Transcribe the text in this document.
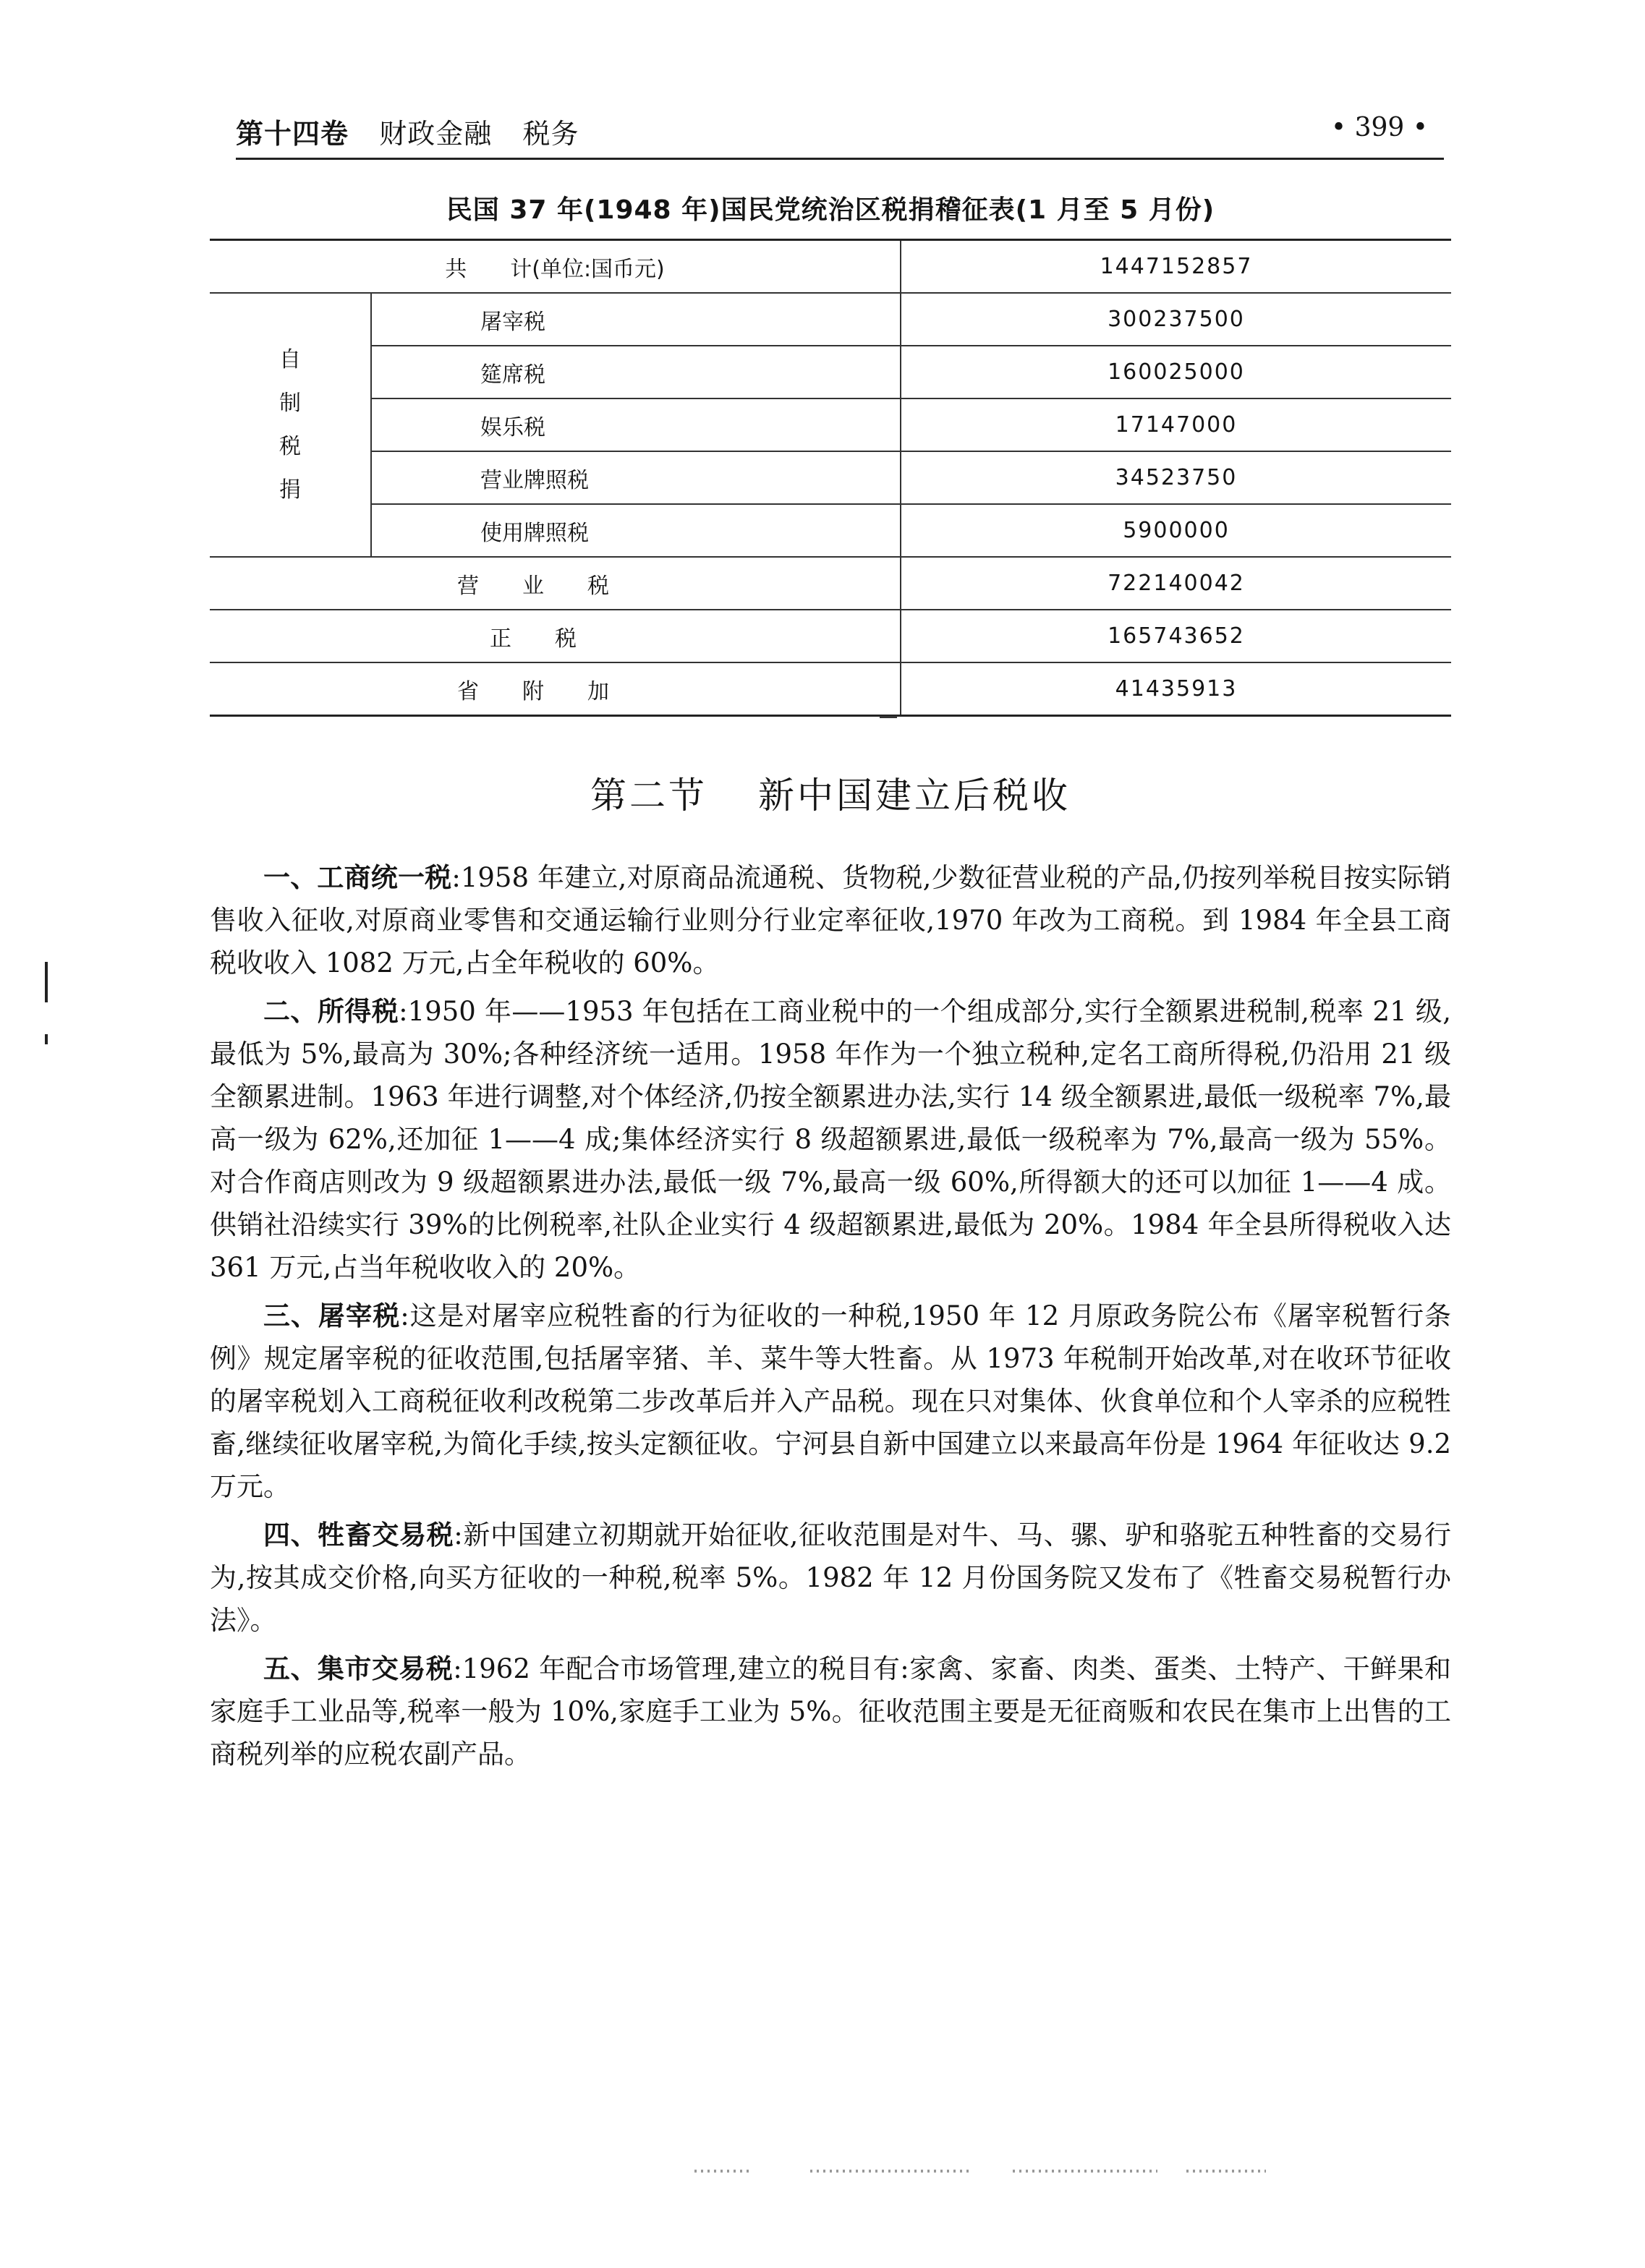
第十四卷 财政金融 税务	• 399 •
民国 37 年(1948 年)国民党统治区税捐稽征表(1 月至 5 月份)
共　　计(单位:国币元)		1447152857
自
制
税
捐	屠宰税	300237500
	筵席税	160025000
	娱乐税	17147000
	营业牌照税	34523750
	使用牌照税	5900000
营业税		722140042
正税		165743652
省附加		41435913
第二节 新中国建立后税收

一、工商统一税:1958 年建立,对原商品流通税、货物税,少数征营业税的产品,仍按列举税目按实际销售收入征收,对原商业零售和交通运输行业则分行业定率征收,1970 年改为工商税。到 1984 年全县工商税收收入 1082 万元,占全年税收的 60%。

二、所得税:1950 年——1953 年包括在工商业税中的一个组成部分,实行全额累进税制,税率 21 级,最低为 5%,最高为 30%;各种经济统一适用。1958 年作为一个独立税种,定名工商所得税,仍沿用 21 级全额累进制。1963 年进行调整,对个体经济,仍按全额累进办法,实行 14 级全额累进,最低一级税率 7%,最高一级为 62%,还加征 1——4 成;集体经济实行 8 级超额累进,最低一级税率为 7%,最高一级为 55%。对合作商店则改为 9 级超额累进办法,最低一级 7%,最高一级 60%,所得额大的还可以加征 1——4 成。供销社沿续实行 39%的比例税率,社队企业实行 4 级超额累进,最低为 20%。1984 年全县所得税收入达 361 万元,占当年税收收入的 20%。

三、屠宰税:这是对屠宰应税牲畜的行为征收的一种税,1950 年 12 月原政务院公布《屠宰税暂行条例》规定屠宰税的征收范围,包括屠宰猪、羊、菜牛等大牲畜。从 1973 年税制开始改革,对在收环节征收的屠宰税划入工商税征收利改税第二步改革后并入产品税。现在只对集体、伙食单位和个人宰杀的应税牲畜,继续征收屠宰税,为简化手续,按头定额征收。宁河县自新中国建立以来最高年份是 1964 年征收达 9.2 万元。

四、牲畜交易税:新中国建立初期就开始征收,征收范围是对牛、马、骡、驴和骆驼五种牲畜的交易行为,按其成交价格,向买方征收的一种税,税率 5%。1982 年 12 月份国务院又发布了《牲畜交易税暂行办法》。

五、集市交易税:1962 年配合市场管理,建立的税目有:家禽、家畜、肉类、蛋类、土特产、干鲜果和家庭手工业品等,税率一般为 10%,家庭手工业为 5%。征收范围主要是无征商贩和农民在集市上出售的工商税列举的应税农副产品。
